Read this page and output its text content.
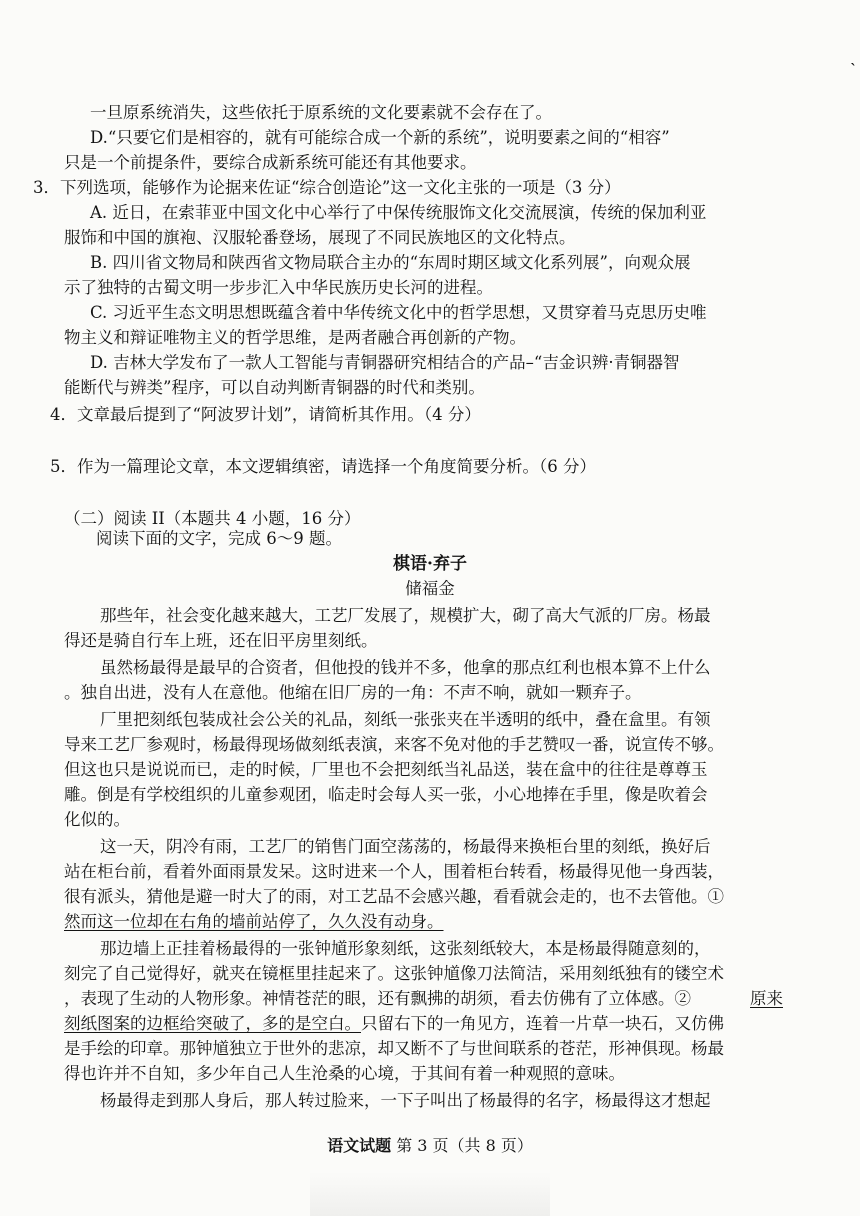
`
一旦原系统消失，这些依托于原系统的文化要素就不会存在了。
D.“只要它们是相容的，就有可能综合成一个新的系统”，说明要素之间的“相容”
只是一个前提条件，要综合成新系统可能还有其他要求。
3．下列选项，能够作为论据来佐证“综合创造论”这一文化主张的一项是（3 分）
A. 近日，在索菲亚中国文化中心举行了中保传统服饰文化交流展演，传统的保加利亚
服饰和中国的旗袍、汉服轮番登场，展现了不同民族地区的文化特点。
B. 四川省文物局和陕西省文物局联合主办的“东周时期区域文化系列展”，向观众展
示了独特的古蜀文明一步步汇入中华民族历史长河的进程。
C. 习近平生态文明思想既蕴含着中华传统文化中的哲学思想，又贯穿着马克思历史唯
物主义和辩证唯物主义的哲学思维，是两者融合再创新的产物。
D. 吉林大学发布了一款人工智能与青铜器研究相结合的产品–“吉金识辨·青铜器智
能断代与辨类”程序，可以自动判断青铜器的时代和类别。
4．文章最后提到了“阿波罗计划”，请简析其作用。（4 分）
5．作为一篇理论文章，本文逻辑缜密，请选择一个角度简要分析。（6 分）
（二）阅读 II（本题共 4 小题，16 分）
阅读下面的文字，完成 6～9 题。
棋语·弃子
储福金
那些年，社会变化越来越大，工艺厂发展了，规模扩大，砌了高大气派的厂房。杨最
得还是骑自行车上班，还在旧平房里刻纸。
虽然杨最得是最早的合资者，但他投的钱并不多，他拿的那点红利也根本算不上什么
。独自出进，没有人在意他。他缩在旧厂房的一角：不声不响，就如一颗弃子。
厂里把刻纸包装成社会公关的礼品，刻纸一张张夹在半透明的纸中，叠在盒里。有领
导来工艺厂参观时，杨最得现场做刻纸表演，来客不免对他的手艺赞叹一番，说宣传不够。
但这也只是说说而已，走的时候，厂里也不会把刻纸当礼品送，装在盒中的往往是尊尊玉
雕。倒是有学校组织的儿童参观团，临走时会每人买一张，小心地捧在手里，像是吹着会
化似的。
这一天，阴冷有雨，工艺厂的销售门面空荡荡的，杨最得来换柜台里的刻纸，换好后
站在柜台前，看着外面雨景发呆。这时进来一个人，围着柜台转看，杨最得见他一身西装，
很有派头，猜他是避一时大了的雨，对工艺品不会感兴趣，看看就会走的，也不去管他。①
然而这一位却在右角的墙前站停了，久久没有动身。
那边墙上正挂着杨最得的一张钟馗形象刻纸，这张刻纸较大，本是杨最得随意刻的，
刻完了自己觉得好，就夹在镜框里挂起来了。这张钟馗像刀法简洁，采用刻纸独有的镂空术
，表现了生动的人物形象。神情苍茫的眼，还有飘拂的胡须，看去仿佛有了立体感。②	原来
刻纸图案的边框给突破了，多的是空白。只留右下的一角见方，连着一片草一块石，又仿佛
是手绘的印章。那钟馗独立于世外的悲凉，却又断不了与世间联系的苍茫，形神俱现。杨最
得也许并不自知，多少年自己人生沧桑的心境，于其间有着一种观照的意味。
杨最得走到那人身后，那人转过脸来，一下子叫出了杨最得的名字，杨最得这才想起
语文试题 第 3 页（共 8 页）
